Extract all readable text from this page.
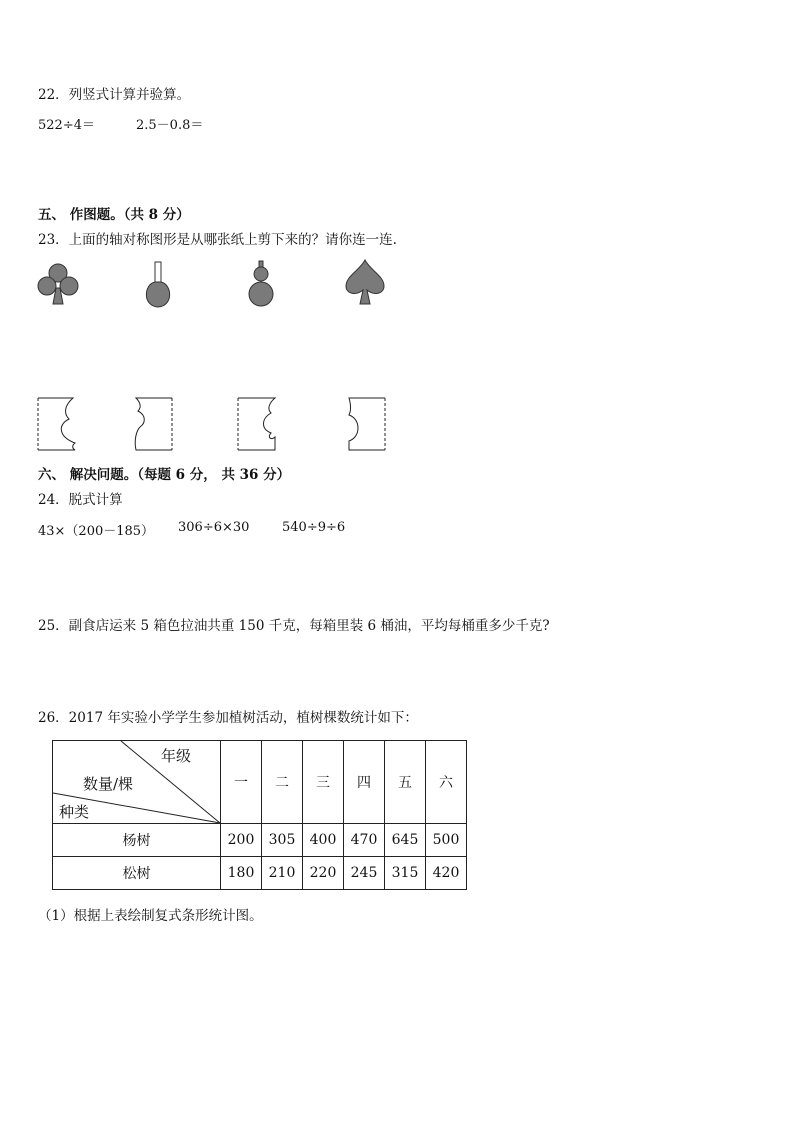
22．列竖式计算并验算。
522÷4＝	2.5－0.8＝
五、 作图题。（共 8 分）
23．上面的轴对称图形是从哪张纸上剪下来的？请你连一连.
六、 解决问题。（每题 6 分， 共 36 分）
24．脱式计算
43×（200－185） 306÷6×30	540÷9÷6
25．副食店运来 5 箱色拉油共重 150 千克，每箱里装 6 桶油，平均每桶重多少千克?
26．2017 年实验小学学生参加植树活动，植树棵数统计如下：
年级
数量/棵
种类	一	二	三	四	五	六
杨树	200	305	400	470	645	500
松树	180	210	220	245	315	420
（1）根据上表绘制复式条形统计图。
